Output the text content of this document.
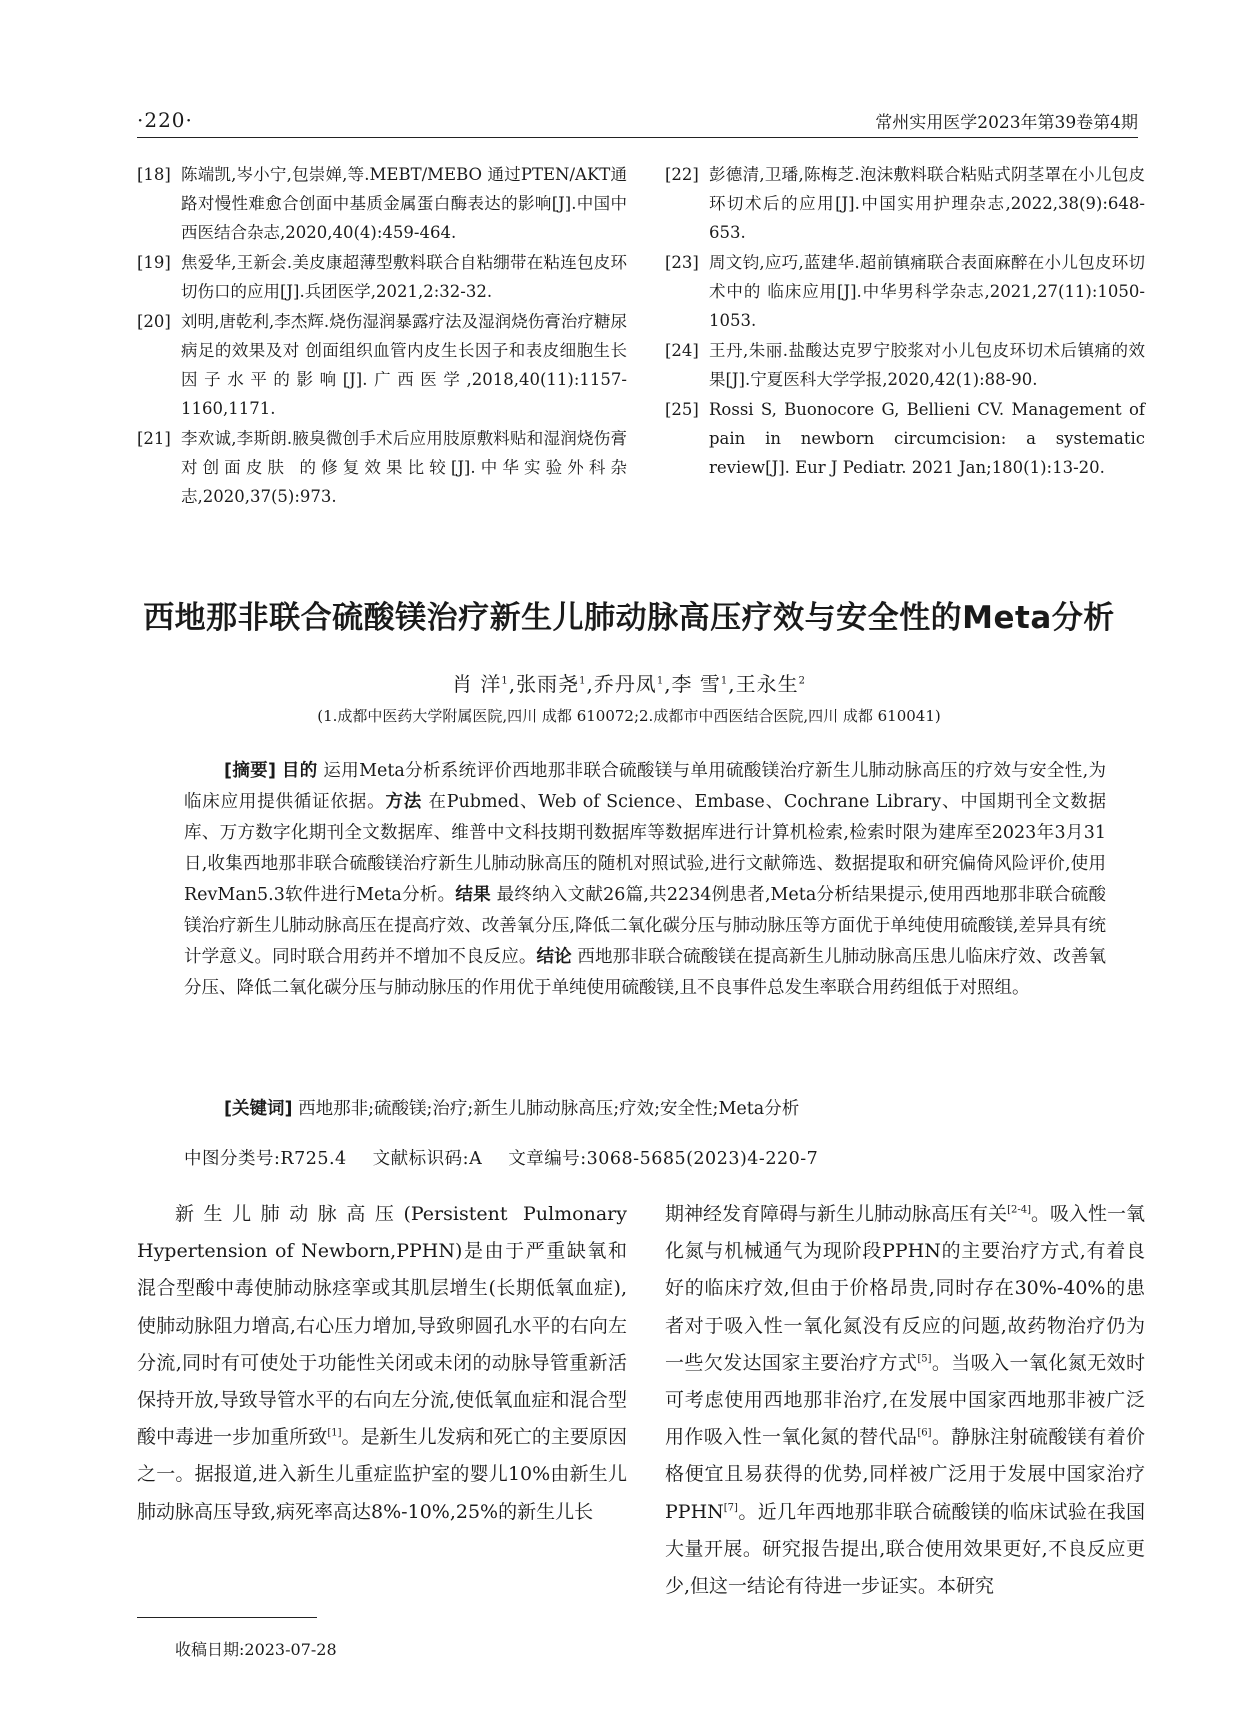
·220·	常州实用医学2023年第39卷第4期
[18] 陈端凯,岑小宁,包崇婵,等.MEBT/MEBO 通过PTEN/AKT通路对慢性难愈合创面中基质金属蛋白酶表达的影响[J].中国中西医结合杂志,2020,40(4):459-464.
[19] 焦爱华,王新会.美皮康超薄型敷料联合自粘绷带在粘连包皮环切伤口的应用[J].兵团医学,2021,2:32-32.
[20] 刘明,唐乾利,李杰辉.烧伤湿润暴露疗法及湿润烧伤膏治疗糖尿病足的效果及对 创面组织血管内皮生长因子和表皮细胞生长因子水平的影响[J].广西医学,2018,40(11):1157-1160,1171.
[21] 李欢诚,李斯朗.腋臭微创手术后应用肢原敷料贴和湿润烧伤膏对创面皮肤 的修复效果比较[J].中华实验外科杂志,2020,37(5):973.
[22] 彭德清,卫璠,陈梅芝.泡沫敷料联合粘贴式阴茎罩在小儿包皮环切术后的应用[J].中国实用护理杂志,2022,38(9):648-653.
[23] 周文钧,应巧,蓝建华.超前镇痛联合表面麻醉在小儿包皮环切术中的 临床应用[J].中华男科学杂志,2021,27(11):1050-1053.
[24] 王丹,朱丽.盐酸达克罗宁胶浆对小儿包皮环切术后镇痛的效果[J].宁夏医科大学学报,2020,42(1):88-90.
[25] Rossi S, Buonocore G, Bellieni CV. Management of pain in newborn circumcision: a systematic review[J]. Eur J Pediatr. 2021 Jan;180(1):13-20.
西地那非联合硫酸镁治疗新生儿肺动脉高压疗效与安全性的Meta分析
肖 洋$^1$,张雨尧$^1$,乔丹凤$^1$,李 雪$^1$,王永生$^2$
(1.成都中医药大学附属医院,四川 成都 610072;2.成都市中西医结合医院,四川 成都 610041)

[摘要] 目的 运用Meta分析系统评价西地那非联合硫酸镁与单用硫酸镁治疗新生儿肺动脉高压的疗效与安全性,为临床应用提供循证依据。方法 在Pubmed、Web of Science、Embase、Cochrane Library、中国期刊全文数据库、万方数字化期刊全文数据库、维普中文科技期刊数据库等数据库进行计算机检索,检索时限为建库至2023年3月31日,收集西地那非联合硫酸镁治疗新生儿肺动脉高压的随机对照试验,进行文献筛选、数据提取和研究偏倚风险评价,使用 RevMan5.3软件进行Meta分析。结果 最终纳入文献26篇,共2234例患者,Meta分析结果提示,使用西地那非联合硫酸镁治疗新生儿肺动脉高压在提高疗效、改善氧分压,降低二氧化碳分压与肺动脉压等方面优于单纯使用硫酸镁,差异具有统计学意义。同时联合用药并不增加不良反应。结论 西地那非联合硫酸镁在提高新生儿肺动脉高压患儿临床疗效、改善氧分压、降低二氧化碳分压与肺动脉压的作用优于单纯使用硫酸镁,且不良事件总发生率联合用药组低于对照组。

[关键词] 西地那非;硫酸镁;治疗;新生儿肺动脉高压;疗效;安全性;Meta分析
中图分类号:R725.4 文献标识码:A 文章编号:3068-5685(2023)4-220-7

新生儿肺动脉高压(Persistent Pulmonary Hypertension of Newborn,PPHN)是由于严重缺氧和混合型酸中毒使肺动脉痉挛或其肌层增生(长期低氧血症),使肺动脉阻力增高,右心压力增加,导致卵圆孔水平的右向左分流,同时有可使处于功能性关闭或未闭的动脉导管重新活保持开放,导致导管水平的右向左分流,使低氧血症和混合型酸中毒进一步加重所致[1]。是新生儿发病和死亡的主要原因之一。据报道,进入新生儿重症监护室的婴儿10%由新生儿肺动脉高压导致,病死率高达8%-10%,25%的新生儿长

期神经发育障碍与新生儿肺动脉高压有关[2-4]。吸入性一氧化氮与机械通气为现阶段PPHN的主要治疗方式,有着良好的临床疗效,但由于价格昂贵,同时存在30%-40%的患者对于吸入性一氧化氮没有反应的问题,故药物治疗仍为一些欠发达国家主要治疗方式[5]。当吸入一氧化氮无效时可考虑使用西地那非治疗,在发展中国家西地那非被广泛用作吸入性一氧化氮的替代品[6]。静脉注射硫酸镁有着价格便宜且易获得的优势,同样被广泛用于发展中国家治疗PPHN[7]。近几年西地那非联合硫酸镁的临床试验在我国大量开展。研究报告提出,联合使用效果更好,不良反应更少,但这一结论有待进一步证实。本研究

收稿日期:2023-07-28
